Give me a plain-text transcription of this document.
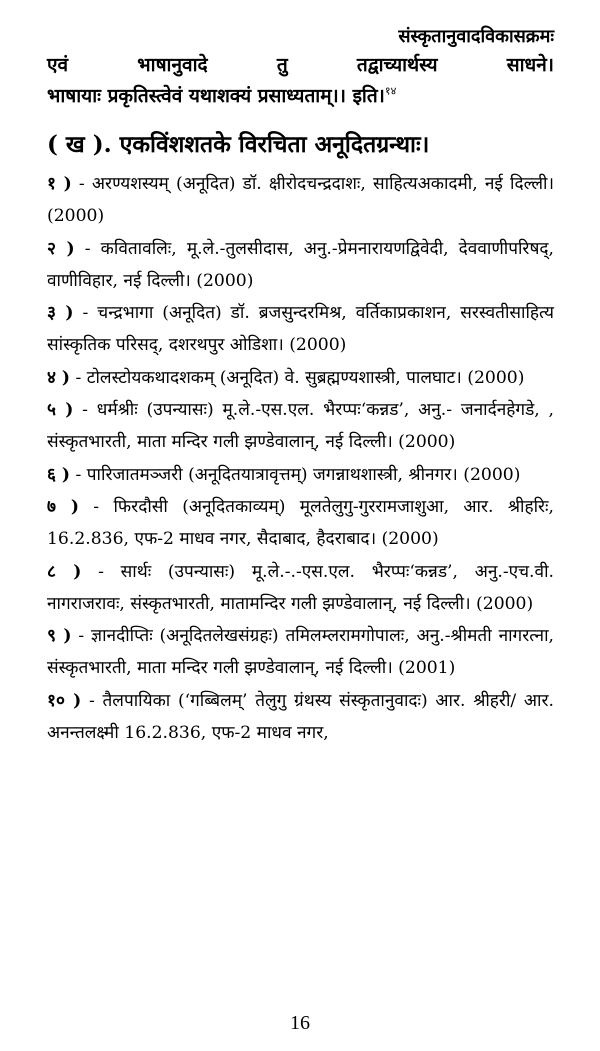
संस्कृतानुवादविकासक्रमः

एवं भाषानुवादे तु तद्वाच्यार्थस्य साधने।

भाषायाः प्रकृतिस्त्वेवं यथाशक्यं प्रसाध्यताम्।। इति।$^{१४}$

( ख ). एकविंशशतके विरचिता अनूदितग्रन्थाः।
१ ) - अरण्यशस्यम् (अनूदित) डॉ. क्षीरोदचन्द्रदाशः, साहित्यअकादमी, नई दिल्ली। (2000)
२ ) - कवितावलिः, मू.ले.-तुलसीदास, अनु.-प्रेमनारायणद्विवेदी, देववाणीपरिषद्, वाणीविहार, नई दिल्ली। (2000)
३ ) - चन्द्रभागा (अनूदित) डॉ. ब्रजसुन्दरमिश्र, वर्तिकाप्रकाशन, सरस्वतीसाहित्य सांस्कृतिक परिसद्, दशरथपुर ओडिशा। (2000)
४ ) - टोलस्टोयकथादशकम् (अनूदित) वे. सुब्रह्मण्यशास्त्री, पालघाट। (2000)
५ ) - धर्मश्रीः (उपन्यासः) मू.ले.-एस.एल. भैरप्पः‘कन्नड’, अनु.- जनार्दनहेगडे, , संस्कृतभारती, माता मन्दिर गली झण्डेवालान्, नई दिल्ली। (2000)
६ ) - पारिजातमञ्जरी (अनूदितयात्रावृत्तम्) जगन्नाथशास्त्री, श्रीनगर। (2000)
७ ) - फिरदौसी (अनूदितकाव्यम्) मूलतेलुगु-गुररामजाशुआ, आर. श्रीहरिः, 16.2.836, एफ-2 माधव नगर, सैदाबाद, हैदराबाद। (2000)
८ ) - सार्थः (उपन्यासः) मू.ले.-.-एस.एल. भैरप्पः‘कन्नड’, अनु.-एच.वी. नागराजरावः, संस्कृतभारती, मातामन्दिर गली झण्डेवालान्, नई दिल्ली। (2000)
९ ) - ज्ञानदीप्तिः (अनूदितलेखसंग्रहः) तमिलम्लरामगोपालः, अनु.-श्रीमती नागरत्ना, संस्कृतभारती, माता मन्दिर गली झण्डेवालान्, नई दिल्ली। (2001)
१० ) - तैलपायिका (‘गब्बिलम्’ तेलुगु ग्रंथस्य संस्कृतानुवादः) आर. श्रीहरी/ आर. अनन्तलक्ष्मी 16.2.836, एफ-2 माधव नगर,
16
